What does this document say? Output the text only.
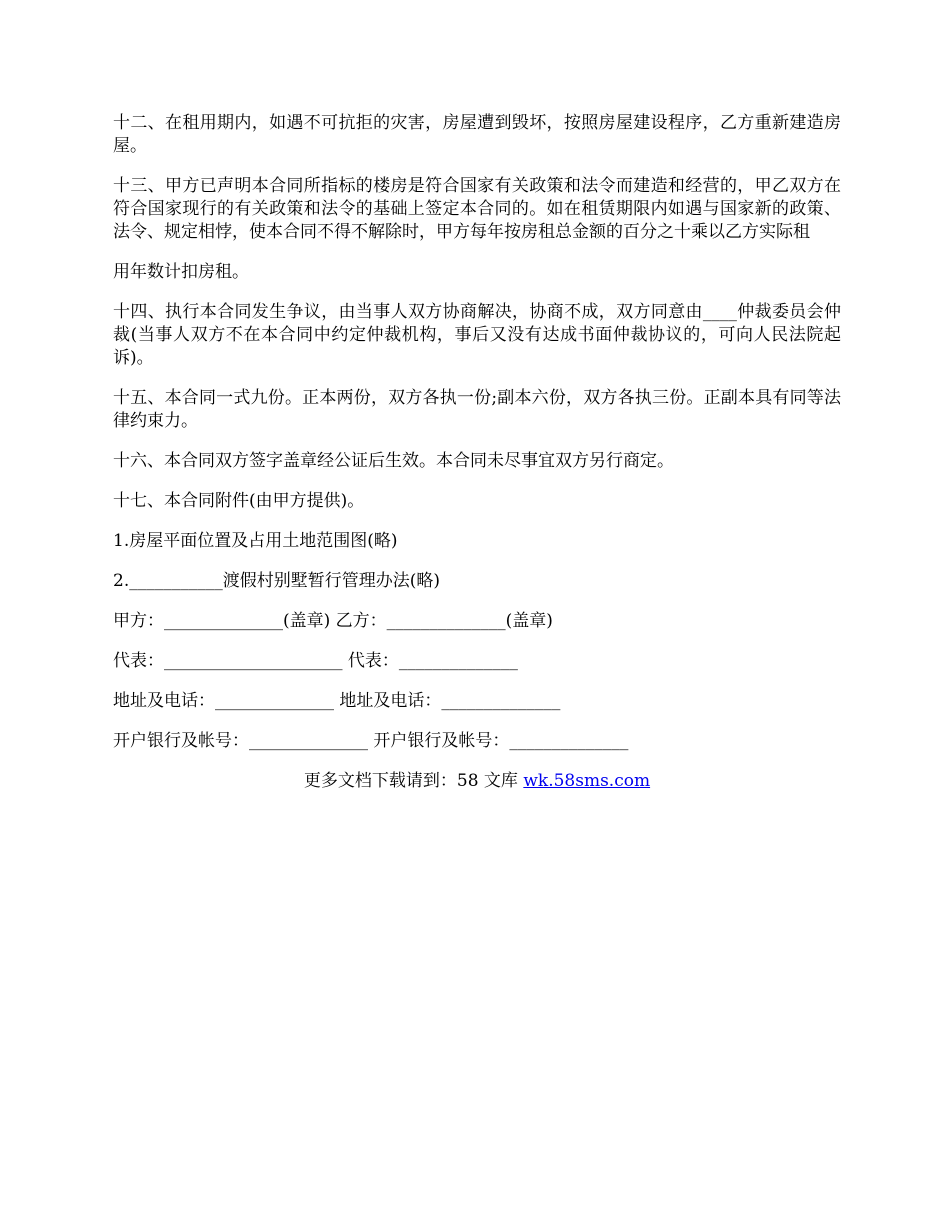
十二、在租用期内，如遇不可抗拒的灾害，房屋遭到毁坏，按照房屋建设程序，乙方重新建造房屋。

十三、甲方已声明本合同所指标的楼房是符合国家有关政策和法令而建造和经营的，甲乙双方在符合国家现行的有关政策和法令的基础上签定本合同的。如在租赁期限内如遇与国家新的政策、法令、规定相悖，使本合同不得不解除时，甲方每年按房租总金额的百分之十乘以乙方实际租

用年数计扣房租。

十四、执行本合同发生争议，由当事人双方协商解决，协商不成，双方同意由____仲裁委员会仲裁(当事人双方不在本合同中约定仲裁机构，事后又没有达成书面仲裁协议的，可向人民法院起诉)。

十五、本合同一式九份。正本两份，双方各执一份;副本六份，双方各执三份。正副本具有同等法律约束力。

十六、本合同双方签字盖章经公证后生效。本合同未尽事宜双方另行商定。

十七、本合同附件(由甲方提供)。

1.房屋平面位置及占用土地范围图(略)

2.___________渡假村别墅暂行管理办法(略)

甲方：______________(盖章) 乙方：______________(盖章)

代表：_____________________ 代表：______________

地址及电话：______________ 地址及电话：______________

开户银行及帐号：______________ 开户银行及帐号：______________

更多文档下载请到：58 文库 wk.58sms.com
